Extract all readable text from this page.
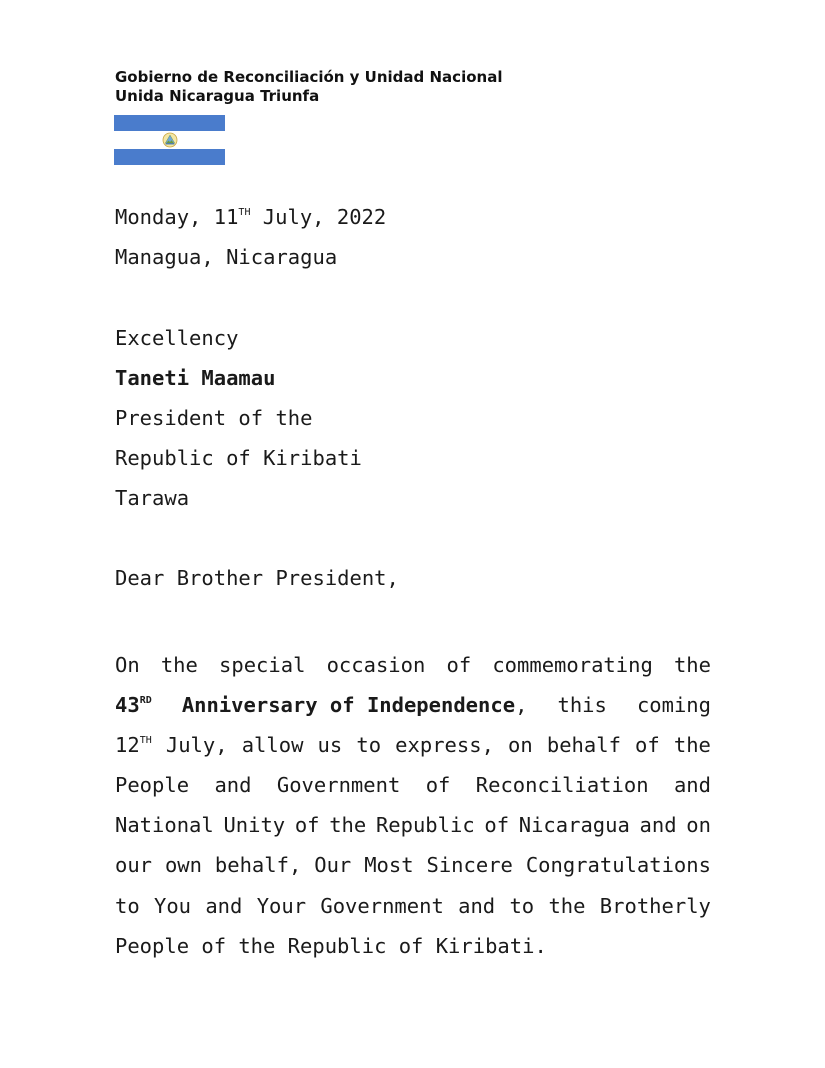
Gobierno de Reconciliación y Unidad Nacional
Unida Nicaragua Triunfa
Monday, 11TH July, 2022
Managua, Nicaragua
Excellency
Taneti Maamau
President of the
Republic of Kiribati
Tarawa
Dear Brother President,
On the special occasion of commemorating the
43RD Anniversary of Independence, this coming
12TH July, allow us to express, on behalf of the
People and Government of Reconciliation and
National Unity of the Republic of Nicaragua and on
our own behalf, Our Most Sincere Congratulations
to You and Your Government and to the Brotherly
People of the Republic of Kiribati.
